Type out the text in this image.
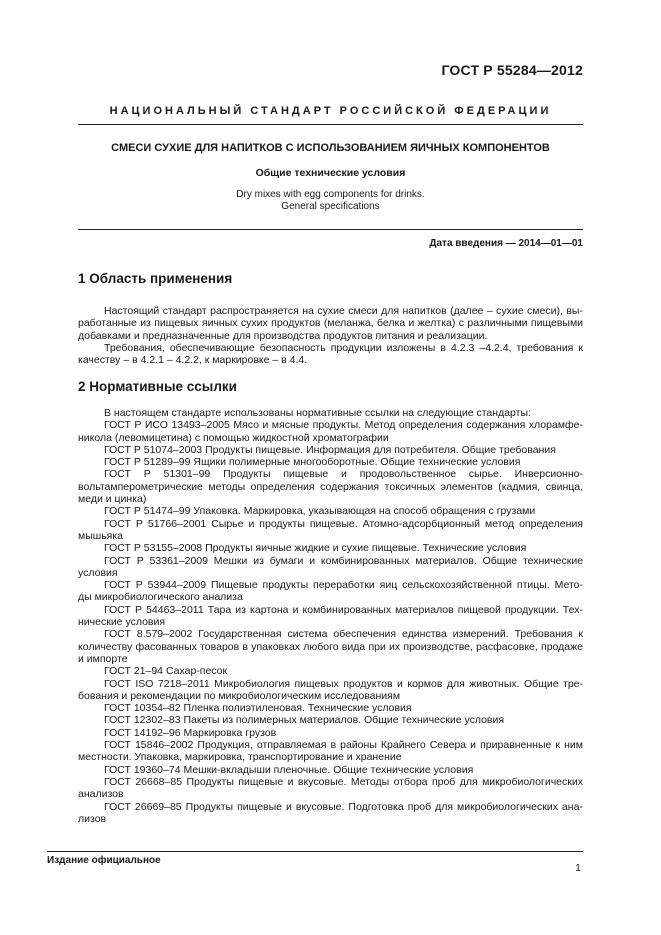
ГОСТ Р 55284—2012
НАЦИОНАЛЬНЫЙ СТАНДАРТ РОССИЙСКОЙ ФЕДЕРАЦИИ
СМЕСИ СУХИЕ ДЛЯ НАПИТКОВ С ИСПОЛЬЗОВАНИЕМ ЯИЧНЫХ КОМПОНЕНТОВ
Общие технические условия
Dry mixes with egg components for drinks.
General specifications
Дата введения — 2014—01—01
1 Область применения
Настоящий стандарт распространяется на сухие смеси для напитков (далее – сухие смеси), вы-
работанные из пищевых яичных сухих продуктов (меланжа, белка и желтка) с различными пищевыми
добавками и предназначенные для производства продуктов питания и реализации.
Требования, обеспечивающие безопасность продукции изложены в 4.2.3 –4.2.4, требования к
качеству – в 4.2.1 – 4.2.2, к маркировке – в 4.4.
2 Нормативные ссылки
В настоящем стандарте использованы нормативные ссылки на следующие стандарты:
ГОСТ Р ИСО 13493–2005 Мясо и мясные продукты. Метод определения содержания хлорамфе-
никола (левомицетина) с помощью жидкостной хроматографии
ГОСТ Р 51074–2003 Продукты пищевые. Информация для потребителя. Общие требования
ГОСТ Р 51289–99 Ящики полимерные многооборотные. Общие технические условия
ГОСТ Р 51301–99 Продукты пищевые и продовольственное сырье. Инверсионно-
вольтамперометрические методы определения содержания токсичных элементов (кадмия, свинца,
меди и цинка)
ГОСТ Р 51474–99 Упаковка. Маркировка, указывающая на способ обращения с грузами
ГОСТ Р 51766–2001 Сырье и продукты пищевые. Атомно-адсорбционный метод определения
мышьяка
ГОСТ Р 53155–2008 Продукты яичные жидкие и сухие пищевые. Технические условия
ГОСТ Р 53361–2009 Мешки из бумаги и комбинированных материалов. Общие технические
условия
ГОСТ Р 53944–2009 Пищевые продукты переработки яиц сельскохозяйственной птицы. Мето-
ды микробиологического анализа
ГОСТ Р 54463–2011 Тара из картона и комбинированных материалов пищевой продукции. Тех-
нические условия
ГОСТ 8.579–2002 Государственная система обеспечения единства измерений. Требования к
количеству фасованных товаров в упаковках любого вида при их производстве, расфасовке, продаже
и импорте
ГОСТ 21–94 Сахар-песок
ГОСТ ISO 7218–2011 Микробиология пищевых продуктов и кормов для животных. Общие тре-
бования и рекомендации по микробиологическим исследованиям
ГОСТ 10354–82 Пленка полиэтиленовая. Технические условия
ГОСТ 12302–83 Пакеты из полимерных материалов. Общие технические условия
ГОСТ 14192–96 Маркировка грузов
ГОСТ 15846–2002 Продукция, отправляемая в районы Крайнего Севера и приравненные к ним
местности. Упаковка, маркировка, транспортирование и хранение
ГОСТ 19360–74 Мешки-вкладыши пленочные. Общие технические условия
ГОСТ 26668–85 Продукты пищевые и вкусовые. Методы отбора проб для микробиологических
анализов
ГОСТ 26669–85 Продукты пищевые и вкусовые. Подготовка проб для микробиологических ана-
лизов
Издание официальное
1
